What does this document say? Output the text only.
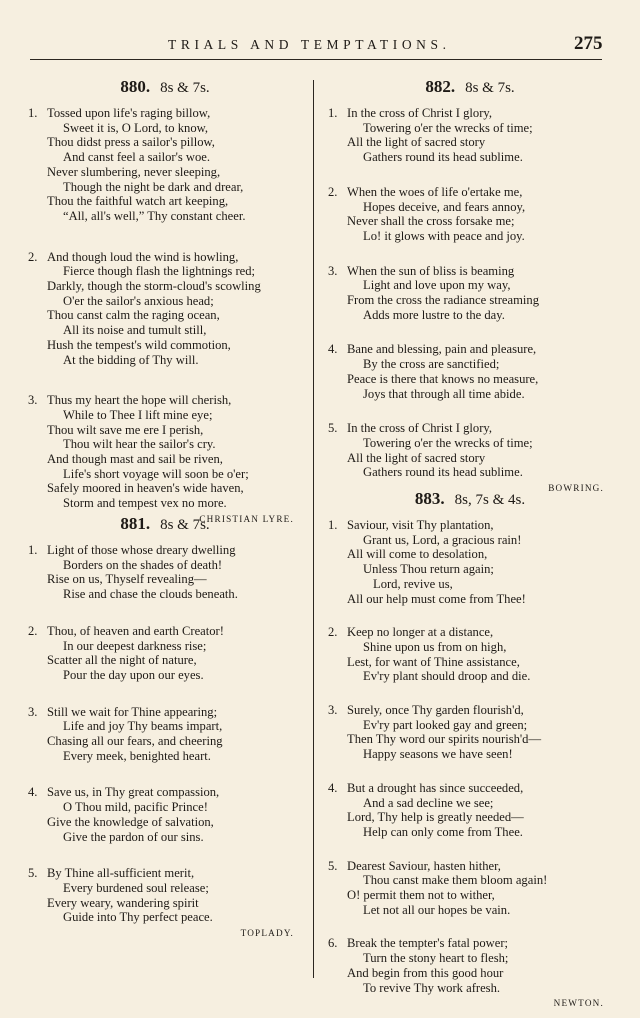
TRIALS AND TEMPTATIONS.	275
880. 8s & 7s.
1. Tossed upon life's raging billow,
Sweet it is, O Lord, to know,
Thou didst press a sailor's pillow,
And canst feel a sailor's woe.
Never slumbering, never sleeping,
Though the night be dark and drear,
Thou the faithful watch art keeping,
“All, all's well,” Thy constant cheer.
2. And though loud the wind is howling,
Fierce though flash the lightnings red;
Darkly, though the storm-cloud's scowling
O'er the sailor's anxious head;
Thou canst calm the raging ocean,
All its noise and tumult still,
Hush the tempest's wild commotion,
At the bidding of Thy will.
3. Thus my heart the hope will cherish,
While to Thee I lift mine eye;
Thou wilt save me ere I perish,
Thou wilt hear the sailor's cry.
And though mast and sail be riven,
Life's short voyage will soon be o'er;
Safely moored in heaven's wide haven,
Storm and tempest vex no more.
CHRISTIAN LYRE.
881. 8s & 7s.
1. Light of those whose dreary dwelling
Borders on the shades of death!
Rise on us, Thyself revealing—
Rise and chase the clouds beneath.
2. Thou, of heaven and earth Creator!
In our deepest darkness rise;
Scatter all the night of nature,
Pour the day upon our eyes.
3. Still we wait for Thine appearing;
Life and joy Thy beams impart,
Chasing all our fears, and cheering
Every meek, benighted heart.
4. Save us, in Thy great compassion,
O Thou mild, pacific Prince!
Give the knowledge of salvation,
Give the pardon of our sins.
5. By Thine all-sufficient merit,
Every burdened soul release;
Every weary, wandering spirit
Guide into Thy perfect peace.
TOPLADY.
882. 8s & 7s.
1. In the cross of Christ I glory,
Towering o'er the wrecks of time;
All the light of sacred story
Gathers round its head sublime.
2. When the woes of life o'ertake me,
Hopes deceive, and fears annoy,
Never shall the cross forsake me;
Lo! it glows with peace and joy.
3. When the sun of bliss is beaming
Light and love upon my way,
From the cross the radiance streaming
Adds more lustre to the day.
4. Bane and blessing, pain and pleasure,
By the cross are sanctified;
Peace is there that knows no measure,
Joys that through all time abide.
5. In the cross of Christ I glory,
Towering o'er the wrecks of time;
All the light of sacred story
Gathers round its head sublime.
BOWRING.
883. 8s, 7s & 4s.
1. Saviour, visit Thy plantation,
Grant us, Lord, a gracious rain!
All will come to desolation,
Unless Thou return again;
Lord, revive us,
All our help must come from Thee!
2. Keep no longer at a distance,
Shine upon us from on high,
Lest, for want of Thine assistance,
Ev'ry plant should droop and die.
3. Surely, once Thy garden flourish'd,
Ev'ry part looked gay and green;
Then Thy word our spirits nourish'd—
Happy seasons we have seen!
4. But a drought has since succeeded,
And a sad decline we see;
Lord, Thy help is greatly needed—
Help can only come from Thee.
5. Dearest Saviour, hasten hither,
Thou canst make them bloom again!
O! permit them not to wither,
Let not all our hopes be vain.
6. Break the tempter's fatal power;
Turn the stony heart to flesh;
And begin from this good hour
To revive Thy work afresh.
NEWTON.
